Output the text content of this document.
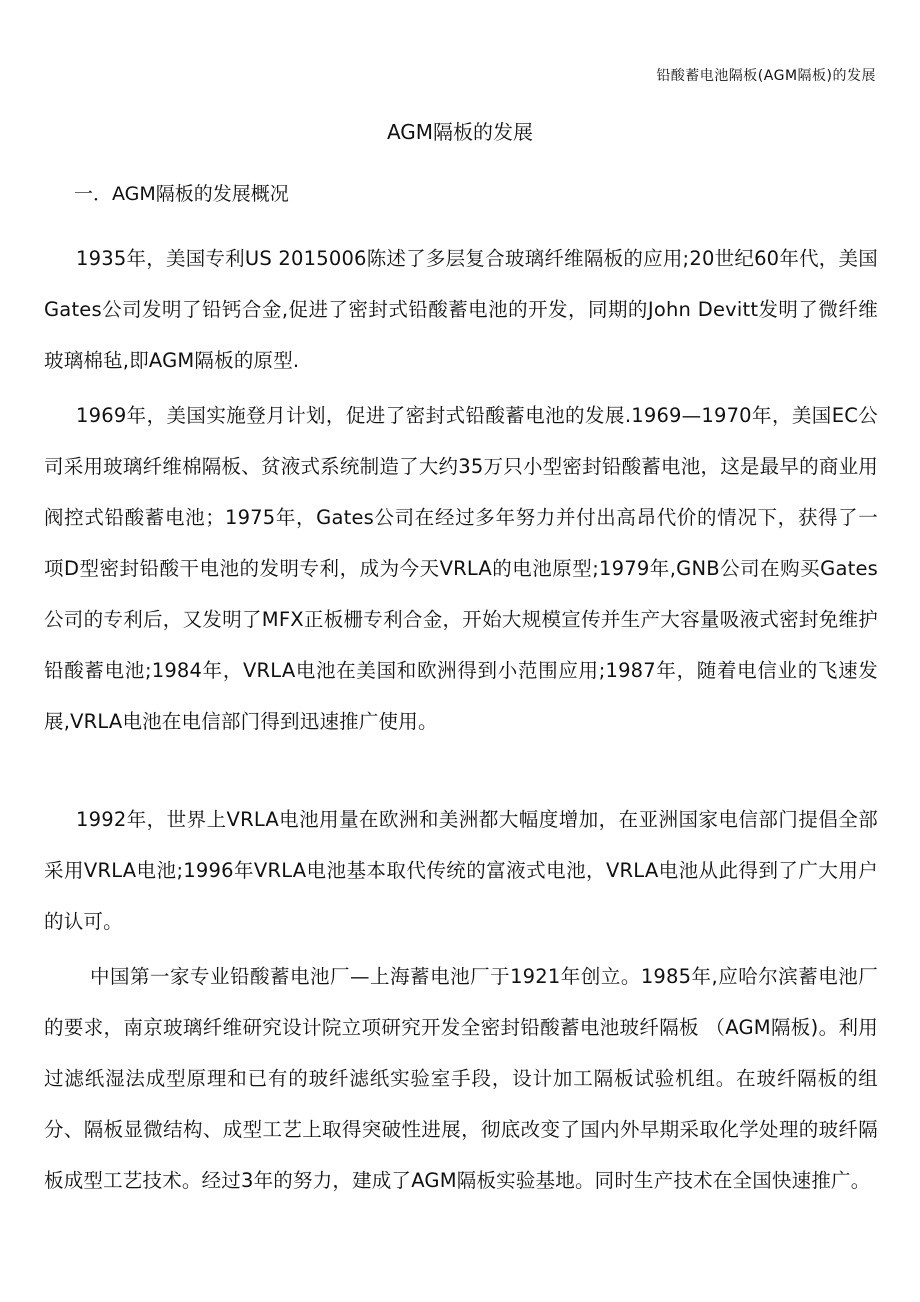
铅酸蓄电池隔板(AGM隔板)的发展
AGM隔板的发展
一．AGM隔板的发展概况

1935年，美国专利US 2015006陈述了多层复合玻璃纤维隔板的应用;20世纪60年代，美国Gates公司发明了铅钙合金,促进了密封式铅酸蓄电池的开发，同期的John Devitt发明了微纤维玻璃棉毡,即AGM隔板的原型.

1969年，美国实施登月计划，促进了密封式铅酸蓄电池的发展.1969—1970年，美国EC公司采用玻璃纤维棉隔板、贫液式系统制造了大约35万只小型密封铅酸蓄电池，这是最早的商业用阀控式铅酸蓄电池；1975年，Gates公司在经过多年努力并付出高昂代价的情况下，获得了一项D型密封铅酸干电池的发明专利，成为今天VRLA的电池原型;1979年,GNB公司在购买Gates公司的专利后，又发明了MFX正板栅专利合金，开始大规模宣传并生产大容量吸液式密封免维护铅酸蓄电池;1984年，VRLA电池在美国和欧洲得到小范围应用;1987年，随着电信业的飞速发展,VRLA电池在电信部门得到迅速推广使用。

1992年，世界上VRLA电池用量在欧洲和美洲都大幅度增加，在亚洲国家电信部门提倡全部采用VRLA电池;1996年VRLA电池基本取代传统的富液式电池，VRLA电池从此得到了广大用户的认可。

中国第一家专业铅酸蓄电池厂—上海蓄电池厂于1921年创立。1985年,应哈尔滨蓄电池厂的要求，南京玻璃纤维研究设计院立项研究开发全密封铅酸蓄电池玻纤隔板 （AGM隔板)。利用过滤纸湿法成型原理和已有的玻纤滤纸实验室手段，设计加工隔板试验机组。在玻纤隔板的组分、隔板显微结构、成型工艺上取得突破性进展，彻底改变了国内外早期采取化学处理的玻纤隔板成型工艺技术。经过3年的努力，建成了AGM隔板实验基地。同时生产技术在全国快速推广。
